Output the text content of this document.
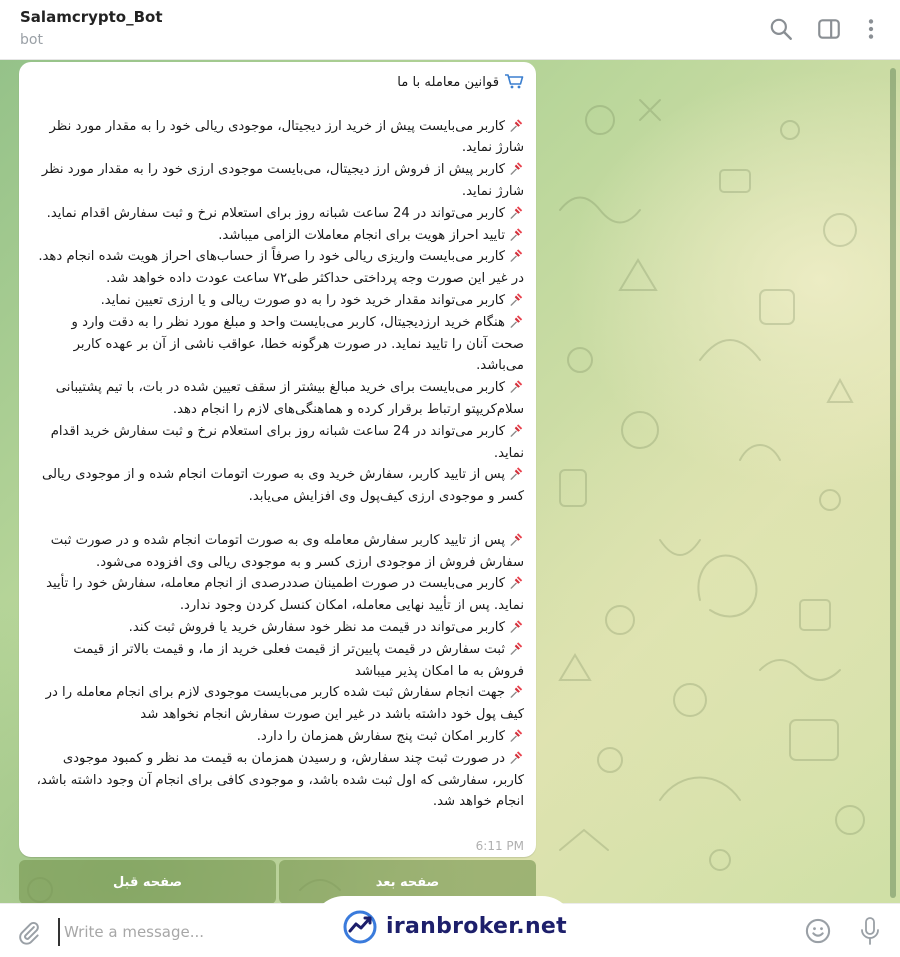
Salamcrypto_Bot
bot
قوانین معامله با ما
کاربر می‌بایست پیش از خرید ارز دیجیتال، موجودی ریالی خود را به مقدار مورد نظر شارژ نماید.
کاربر پیش از فروش ارز دیجیتال، می‌بایست موجودی ارزی خود را به مقدار مورد نظر شارژ نماید.
کاربر می‌تواند در 24 ساعت شبانه روز برای استعلام نرخ و ثبت سفارش اقدام نماید.
تایید احراز هویت برای انجام معاملات الزامی میباشد.
کاربر می‌بایست واریزی ریالی خود را صرفاً از حساب‌های احراز هویت شده انجام دهد. در غیر این صورت وجه پرداختی حداکثر طی۷۲ ساعت عودت داده خواهد شد.
کاربر می‌تواند مقدار خرید خود را به دو صورت ریالی و یا ارزی تعیین نماید.
هنگام خرید ارزدیجیتال، کاربر می‌بایست واحد و مبلغ مورد نظر را به دقت وارد و صحت آنان را تایید نماید. در صورت هرگونه خطا، عواقب ناشی از آن بر عهده کاربر می‌باشد.
کاربر می‌بایست برای خرید مبالغ بیشتر از سقف تعیین شده در بات، با تیم پشتیبانی سلام‌کریپتو ارتباط برقرار کرده و هماهنگی‌های لازم را انجام دهد.
کاربر می‌تواند در 24 ساعت شبانه روز برای استعلام نرخ و ثبت سفارش خرید اقدام نماید.
پس از تایید کاربر، سفارش خرید وی به صورت اتومات انجام شده و از موجودی ریالی کسر و موجودی ارزی کیف‌پول وی افزایش می‌یابد.
پس از تایید کاربر سفارش معامله وی به صورت اتومات انجام شده و در صورت ثبت سفارش فروش از موجودی ارزی کسر و به موجودی ریالی وی افزوده می‌شود.
کاربر می‌بایست در صورت اطمینان صددرصدی از انجام معامله، سفارش خود را تأیید نماید. پس از تأیید نهایی معامله، امکان کنسل کردن وجود ندارد.
کاربر می‌تواند در قیمت مد نظر خود سفارش خرید یا فروش ثبت کند.
ثبت سفارش در قیمت پایین‌تر از قیمت فعلی خرید از ما، و قیمت بالاتر از قیمت فروش به ما امکان پذیر میباشد
جهت انجام سفارش ثبت شده کاربر می‌بایست موجودی لازم برای انجام معامله را در کیف پول خود داشته باشد در غیر این صورت سفارش انجام نخواهد شد
کاربر امکان ثبت پنج سفارش همزمان را دارد.
در صورت ثبت چند سفارش، و رسیدن همزمان به قیمت مد نظر و کمبود موجودی کاربر، سفارشی که اول ثبت شده باشد، و موجودی کافی برای انجام آن وجود داشته باشد، انجام خواهد شد.
6:11 PM
صفحه قبل	صفحه بعد
Write a message...
iranbroker.net
